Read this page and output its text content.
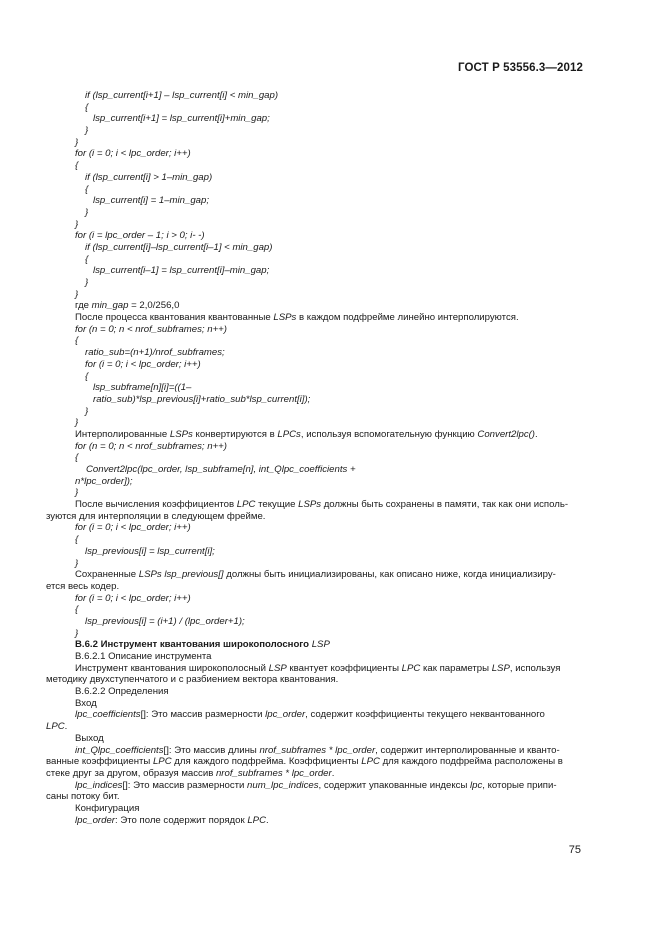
ГОСТ Р 53556.3—2012
if (lsp_current[i+1] – lsp_current[i] < min_gap)
{
lsp_current[i+1] = lsp_current[i]+min_gap;
}
}
for (i = 0; i < lpc_order; i++)
{
if (lsp_current[i] > 1–min_gap)
{
lsp_current[i] = 1–min_gap;
}
}
for (i = lpc_order – 1; i > 0; i- -)
if (lsp_current[i]–lsp_current[i–1] < min_gap)
{
lsp_current[i–1] = lsp_current[i]–min_gap;
}
}
где min_gap = 2,0/256,0
После процесса квантования квантованные LSPs в каждом подфрейме линейно интерполируются.
for (n = 0; n < nrof_subframes; n++)
{
ratio_sub=(n+1)/nrof_subframes;
for (i = 0; i < lpc_order; i++)
{
lsp_subframe[n][i]=((1–
ratio_sub)*lsp_previous[i]+ratio_sub*lsp_current[i]);
}
}
Интерполированные LSPs конвертируются в LPCs, используя вспомогательную функцию Convert2lpc().
for (n = 0; n < nrof_subframes; n++)
{
Convert2lpc(lpc_order, lsp_subframe[n], int_Qlpc_coefficients +
n*lpc_order]);
}
После вычисления коэффициентов LPC текущие LSPs должны быть сохранены в памяти, так как они исполь-
зуются для интерполяции в следующем фрейме.
for (i = 0; i < lpc_order; i++)
{
lsp_previous[i] = lsp_current[i];
}
Сохраненные LSPs lsp_previous[] должны быть инициализированы, как описано ниже, когда инициализиру-
ется весь кодер.
for (i = 0; i < lpc_order; i++)
{
lsp_previous[i] = (i+1) / (lpc_order+1);
}
В.6.2 Инструмент квантования широкополосного LSP
В.6.2.1 Описание инструмента
Инструмент квантования широкополосный LSP квантует коэффициенты LPC как параметры LSP, используя
методику двухступенчатого и с разбиением вектора квантования.
В.6.2.2 Определения
Вход
lpc_coefficients[]: Это массив размерности lpc_order, содержит коэффициенты текущего неквантованного
LPC.
Выход
int_Qlpc_coefficients[]: Это массив длины nrof_subframes * lpc_order, содержит интерполированные и кванто-
ванные коэффициенты LPC для каждого подфрейма. Коэффициенты LPC для каждого подфрейма расположены в
стеке друг за другом, образуя массив nrof_subframes * lpc_order.
lpc_indices[]: Это массив размерности num_lpc_indices, содержит упакованные индексы lpc, которые припи-
саны потоку бит.
Конфигурация
lpc_order: Это поле содержит порядок LPC.
75
